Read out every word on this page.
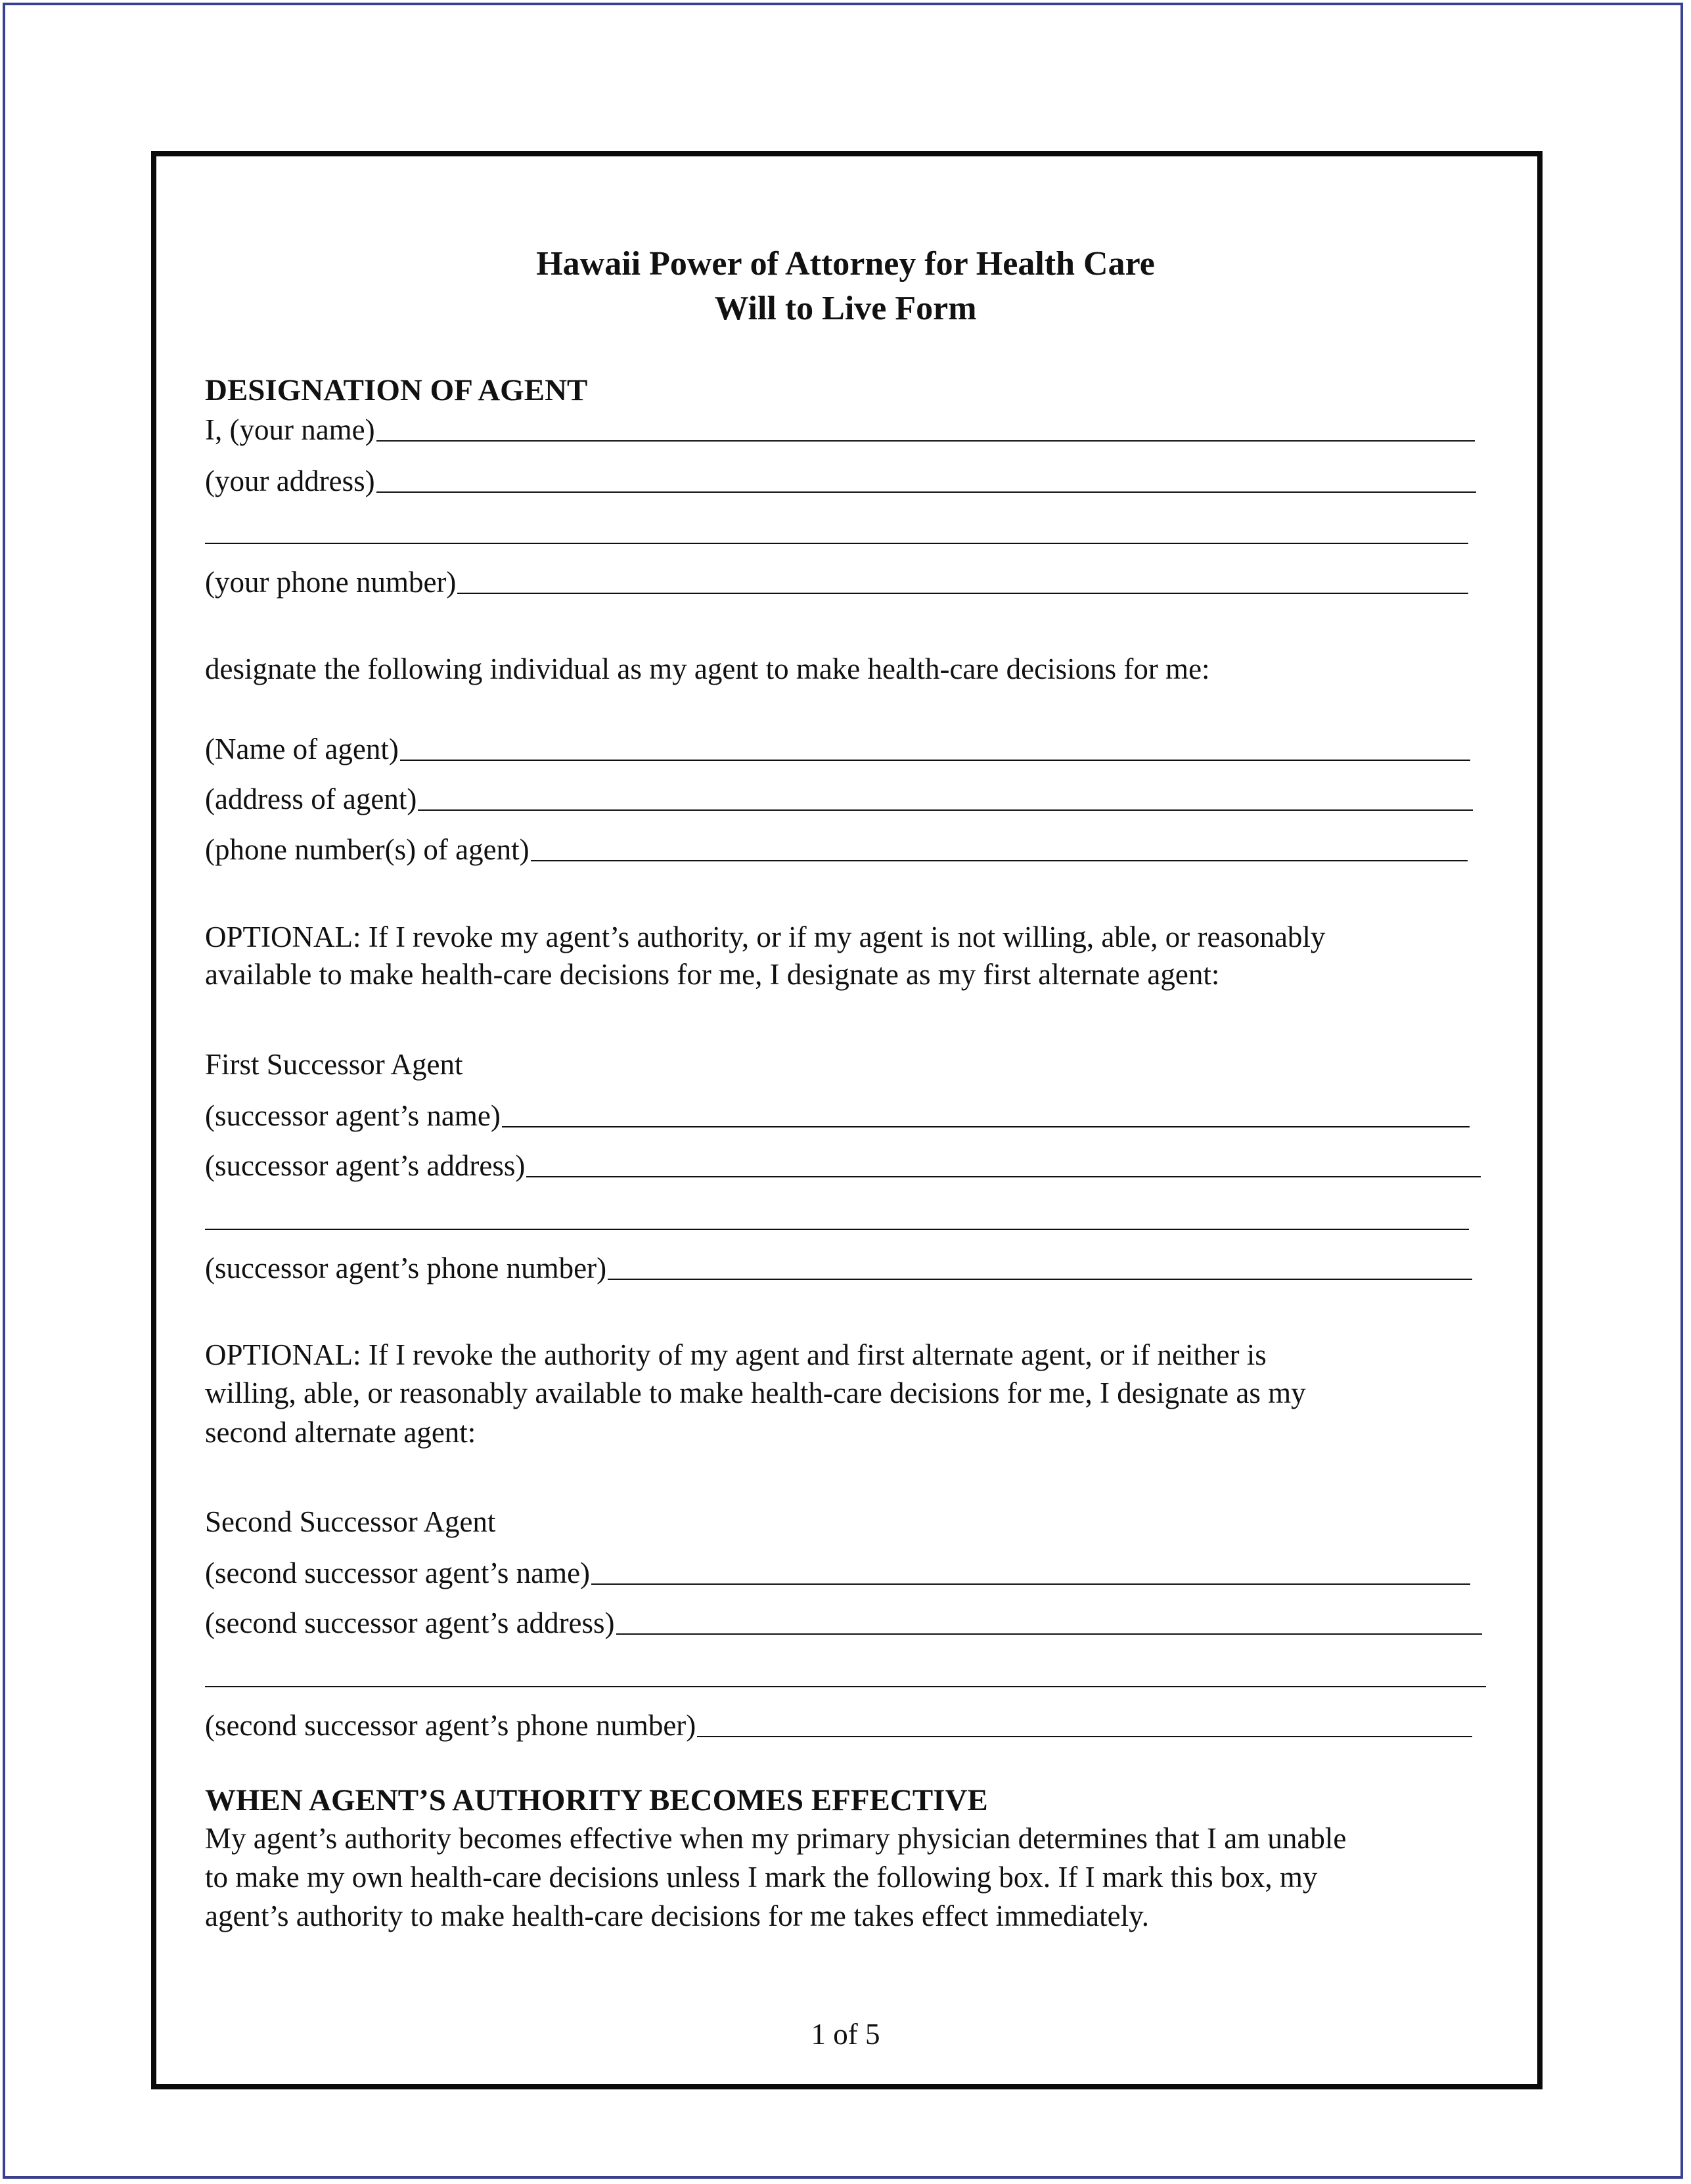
Hawaii Power of Attorney for Health Care
Will to Live Form
DESIGNATION OF AGENT
I, (your name)
(your address)
(your phone number)
designate the following individual as my agent to make health-care decisions for me:
(Name of agent)
(address of agent)
(phone number(s) of agent)
OPTIONAL: If I revoke my agent’s authority, or if my agent is not willing, able, or reasonably
available to make health-care decisions for me, I designate as my first alternate agent:
First Successor Agent
(successor agent’s name)
(successor agent’s address)
(successor agent’s phone number)
OPTIONAL: If I revoke the authority of my agent and first alternate agent, or if neither is
willing, able, or reasonably available to make health-care decisions for me, I designate as my
second alternate agent:
Second Successor Agent
(second successor agent’s name)
(second successor agent’s address)
(second successor agent’s phone number)
WHEN AGENT’S AUTHORITY BECOMES EFFECTIVE
My agent’s authority becomes effective when my primary physician determines that I am unable
to make my own health-care decisions unless I mark the following box. If I mark this box, my
agent’s authority to make health-care decisions for me takes effect immediately.
1 of 5
